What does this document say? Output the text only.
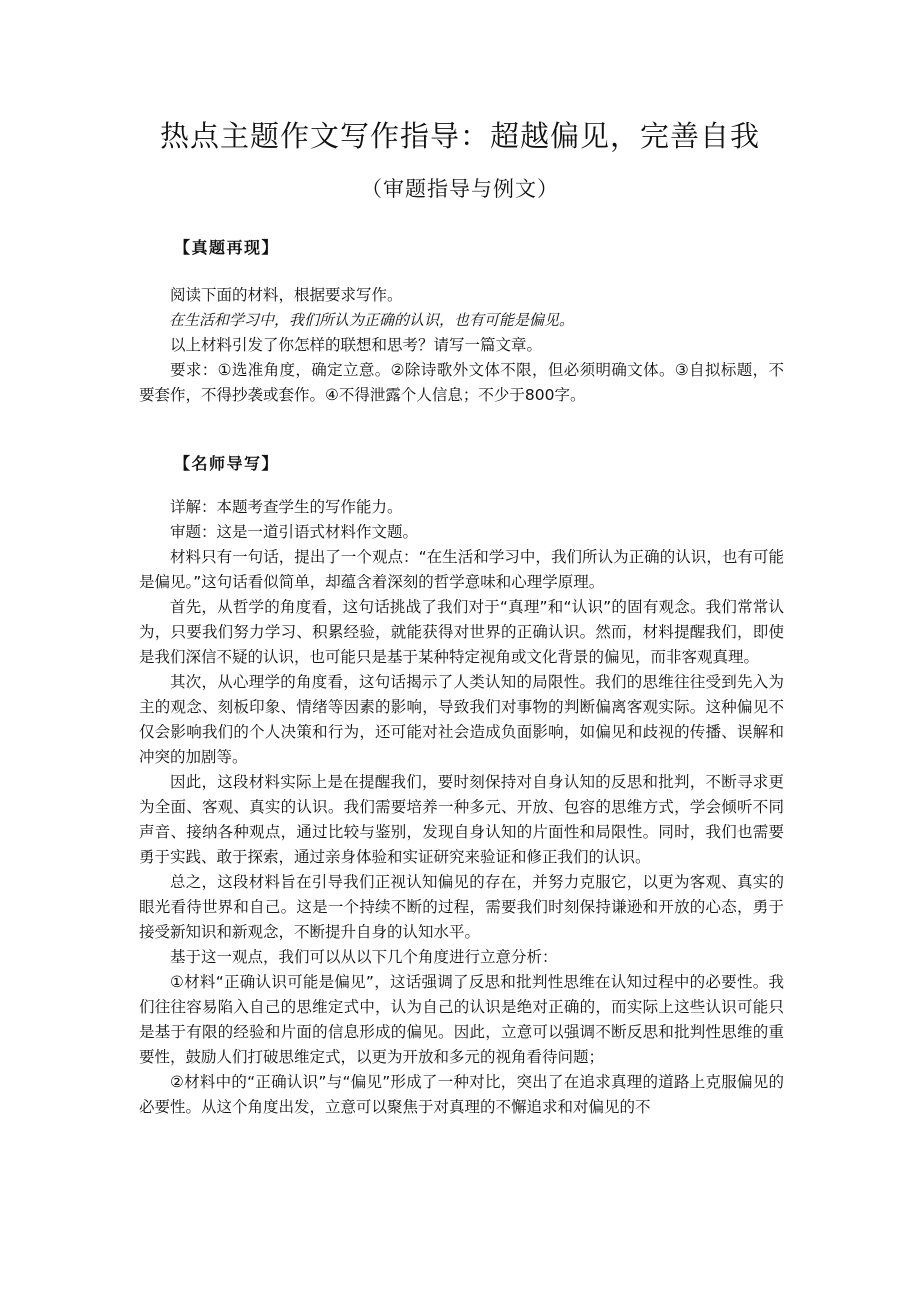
热点主题作文写作指导：超越偏见，完善自我
（审题指导与例文）
【真题再现】

阅读下面的材料，根据要求写作。

在生活和学习中，我们所认为正确的认识，也有可能是偏见。

以上材料引发了你怎样的联想和思考？请写一篇文章。

要求：①选准角度，确定立意。②除诗歌外文体不限，但必须明确文体。③自拟标题，不要套作，不得抄袭或套作。④不得泄露个人信息；不少于800字。

【名师导写】

详解：本题考查学生的写作能力。

审题：这是一道引语式材料作文题。

材料只有一句话，提出了一个观点：“在生活和学习中，我们所认为正确的认识，也有可能是偏见。”这句话看似简单，却蕴含着深刻的哲学意味和心理学原理。

首先，从哲学的角度看，这句话挑战了我们对于“真理”和“认识”的固有观念。我们常常认为，只要我们努力学习、积累经验，就能获得对世界的正确认识。然而，材料提醒我们，即使是我们深信不疑的认识，也可能只是基于某种特定视角或文化背景的偏见，而非客观真理。

其次，从心理学的角度看，这句话揭示了人类认知的局限性。我们的思维往往受到先入为主的观念、刻板印象、情绪等因素的影响，导致我们对事物的判断偏离客观实际。这种偏见不仅会影响我们的个人决策和行为，还可能对社会造成负面影响，如偏见和歧视的传播、误解和冲突的加剧等。

因此，这段材料实际上是在提醒我们，要时刻保持对自身认知的反思和批判，不断寻求更为全面、客观、真实的认识。我们需要培养一种多元、开放、包容的思维方式，学会倾听不同声音、接纳各种观点，通过比较与鉴别，发现自身认知的片面性和局限性。同时，我们也需要勇于实践、敢于探索，通过亲身体验和实证研究来验证和修正我们的认识。

总之，这段材料旨在引导我们正视认知偏见的存在，并努力克服它，以更为客观、真实的眼光看待世界和自己。这是一个持续不断的过程，需要我们时刻保持谦逊和开放的心态，勇于接受新知识和新观念，不断提升自身的认知水平。

基于这一观点，我们可以从以下几个角度进行立意分析：

①材料“正确认识可能是偏见”，这话强调了反思和批判性思维在认知过程中的必要性。我们往往容易陷入自己的思维定式中，认为自己的认识是绝对正确的，而实际上这些认识可能只是基于有限的经验和片面的信息形成的偏见。因此，立意可以强调不断反思和批判性思维的重要性，鼓励人们打破思维定式，以更为开放和多元的视角看待问题；

②材料中的“正确认识”与“偏见”形成了一种对比，突出了在追求真理的道路上克服偏见的必要性。从这个角度出发，立意可以聚焦于对真理的不懈追求和对偏见的不
